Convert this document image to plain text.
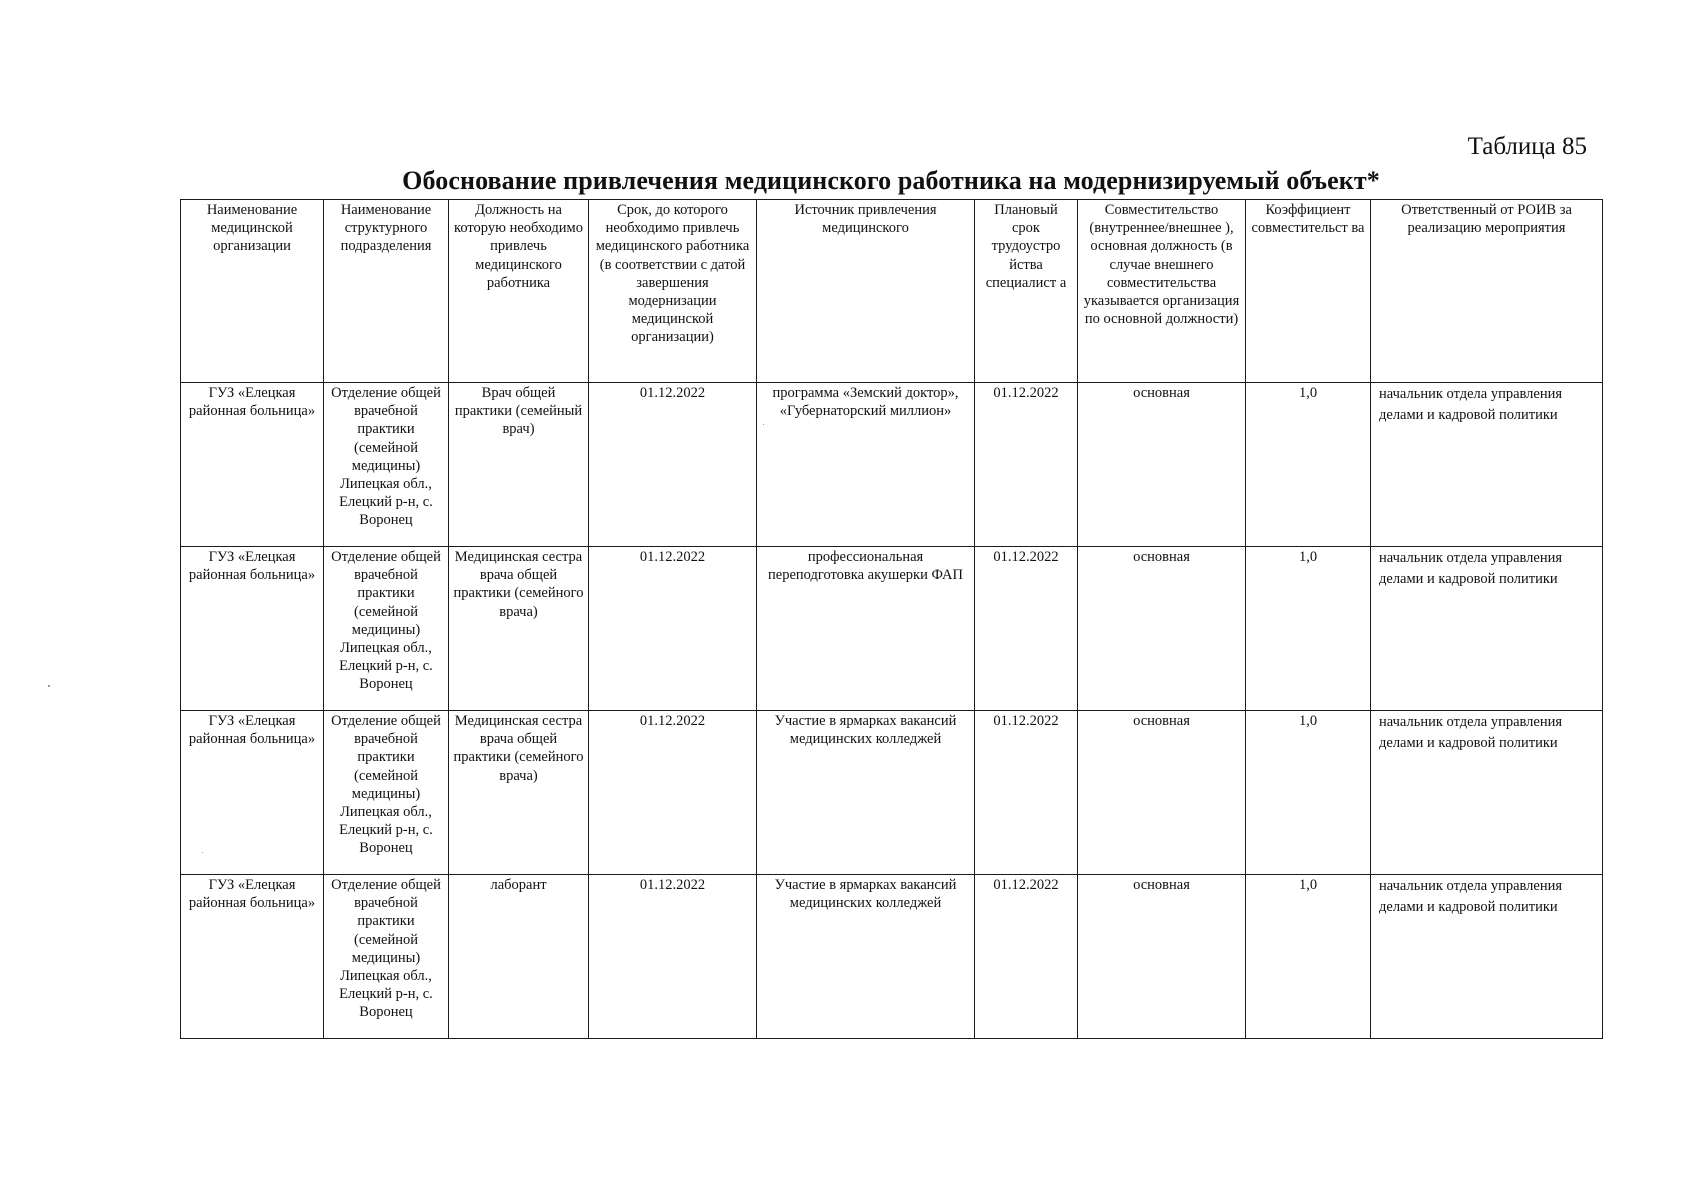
Таблица 85
Обоснование привлечения медицинского работника на модернизируемый объект*
Наименование медицинской организации	Наименование структурного подразделения	Должность на которую необходимо привлечь медицинского работника	Срок, до которого необходимо привлечь медицинского работника (в соответствии с датой завершения модернизации медицинской организации)	Источник привлечения медицинского	Плановый срок трудоустро йства специалист а	Совместительство (внутреннее/внешнее ), основная должность (в случае внешнего совместительства указывается организация по основной должности)	Коэффициент совместительст ва	Ответственный от РОИВ за реализацию мероприятия
ГУЗ «Елецкая районная больница»	Отделение общей врачебной практики (семейной медицины) Липецкая обл., Елецкий р-н, с. Воронец	Врач общей практики (семейный врач)	01.12.2022	программа «Земский доктор», «Губернаторский миллион»	01.12.2022	основная	1,0	начальник отдела управления делами и кадровой политики
ГУЗ «Елецкая районная больница»	Отделение общей врачебной практики (семейной медицины) Липецкая обл., Елецкий р-н, с. Воронец	Медицинская сестра врача общей практики (семейного врача)	01.12.2022	профессиональная переподготовка акушерки ФАП	01.12.2022	основная	1,0	начальник отдела управления делами и кадровой политики
ГУЗ «Елецкая районная больница»	Отделение общей врачебной практики (семейной медицины) Липецкая обл., Елецкий р-н, с. Воронец	Медицинская сестра врача общей практики (семейного врача)	01.12.2022	Участие в ярмарках вакансий медицинских колледжей	01.12.2022	основная	1,0	начальник отдела управления делами и кадровой политики
ГУЗ «Елецкая районная больница»	Отделение общей врачебной практики (семейной медицины) Липецкая обл., Елецкий р-н, с. Воронец	лаборант	01.12.2022	Участие в ярмарках вакансий медицинских колледжей	01.12.2022	основная	1,0	начальник отдела управления делами и кадровой политики
